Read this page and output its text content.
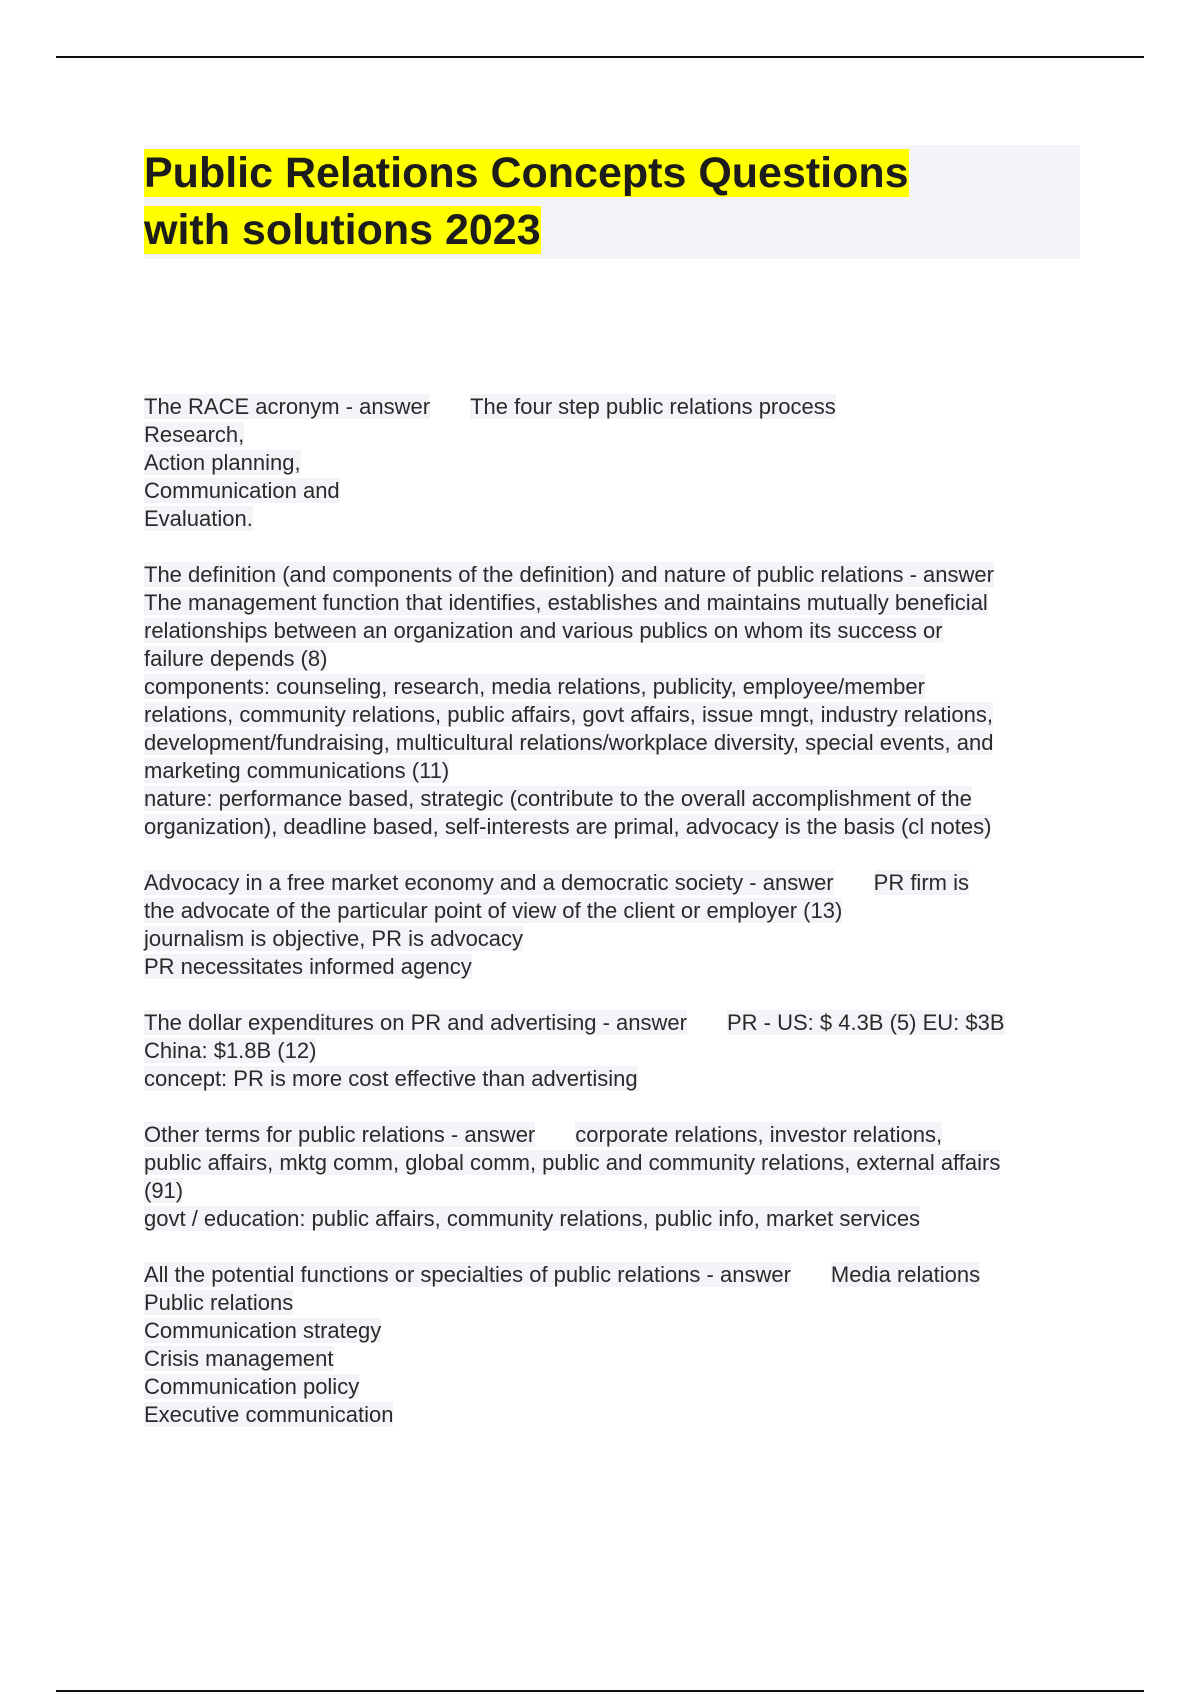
Public Relations Concepts Questions
with solutions 2023
The RACE acronym - answer The four step public relations process
Research,
Action planning,
Communication and
Evaluation.
The definition (and components of the definition) and nature of public relations - answer
The management function that identifies, establishes and maintains mutually beneficial
relationships between an organization and various publics on whom its success or
failure depends (8)
components: counseling, research, media relations, publicity, employee/member
relations, community relations, public affairs, govt affairs, issue mngt, industry relations,
development/fundraising, multicultural relations/workplace diversity, special events, and
marketing communications (11)
nature: performance based, strategic (contribute to the overall accomplishment of the
organization), deadline based, self-interests are primal, advocacy is the basis (cl notes)
Advocacy in a free market economy and a democratic society - answer PR firm is
the advocate of the particular point of view of the client or employer (13)
journalism is objective, PR is advocacy
PR necessitates informed agency
The dollar expenditures on PR and advertising - answer PR - US: $ 4.3B (5) EU: $3B
China: $1.8B (12)
concept: PR is more cost effective than advertising
Other terms for public relations - answer corporate relations, investor relations,
public affairs, mktg comm, global comm, public and community relations, external affairs
(91)
govt / education: public affairs, community relations, public info, market services
All the potential functions or specialties of public relations - answer Media relations
Public relations
Communication strategy
Crisis management
Communication policy
Executive communication
